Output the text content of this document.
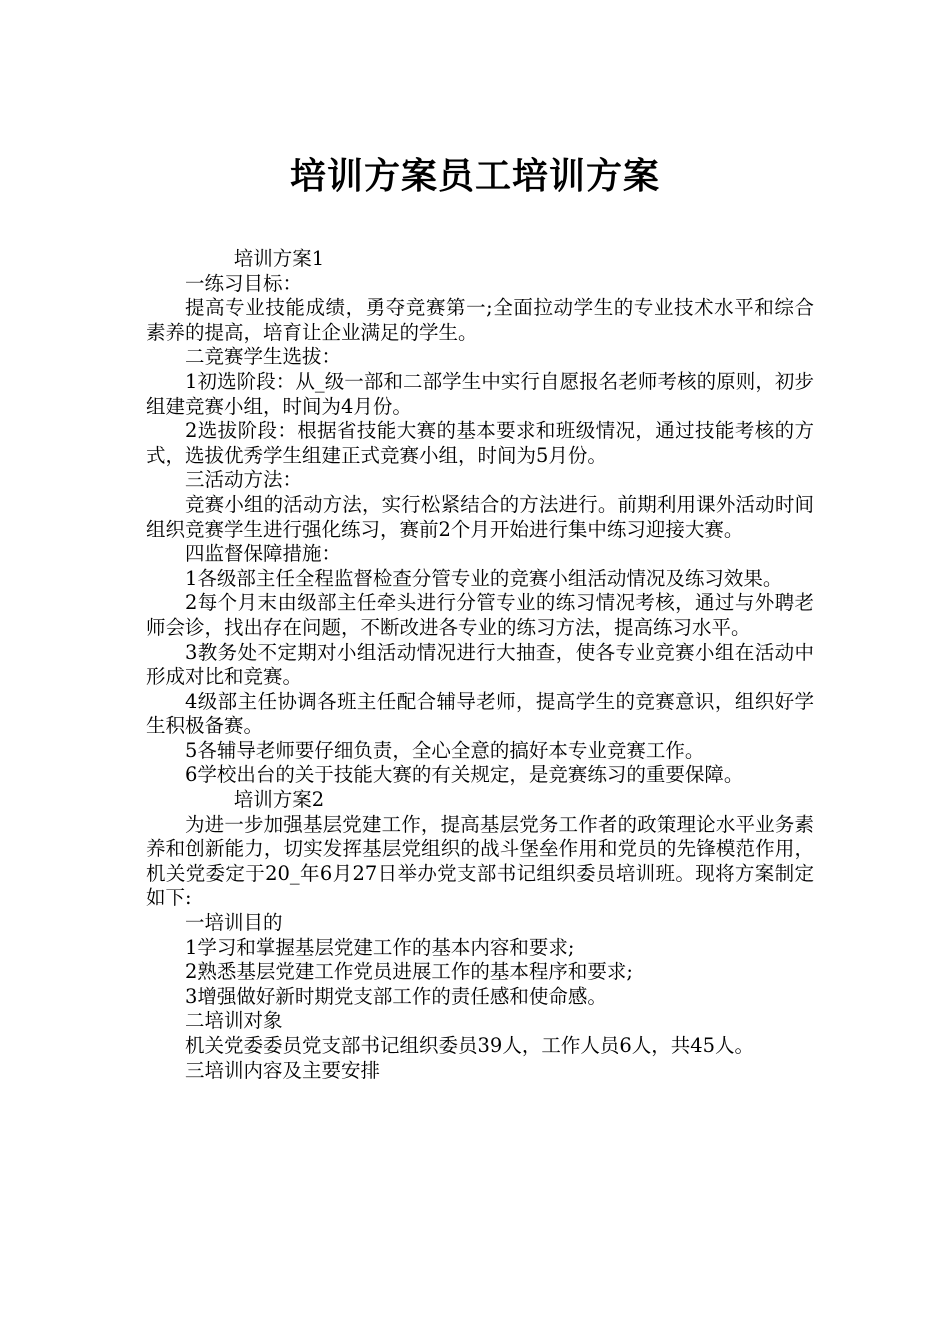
培训方案员工培训方案

培训方案1

一练习目标：

提高专业技能成绩，勇夺竞赛第一;全面拉动学生的专业技术水平和综合素养的提高，培育让企业满足的学生。

二竞赛学生选拔：

1初选阶段：从_级一部和二部学生中实行自愿报名老师考核的原则，初步组建竞赛小组，时间为4月份。

2选拔阶段：根据省技能大赛的基本要求和班级情况，通过技能考核的方式，选拔优秀学生组建正式竞赛小组，时间为5月份。

三活动方法：

竞赛小组的活动方法，实行松紧结合的方法进行。前期利用课外活动时间组织竞赛学生进行强化练习，赛前2个月开始进行集中练习迎接大赛。

四监督保障措施：

1各级部主任全程监督检查分管专业的竞赛小组活动情况及练习效果。

2每个月末由级部主任牵头进行分管专业的练习情况考核，通过与外聘老师会诊，找出存在问题，不断改进各专业的练习方法，提高练习水平。

3教务处不定期对小组活动情况进行大抽查，使各专业竞赛小组在活动中形成对比和竞赛。

4级部主任协调各班主任配合辅导老师，提高学生的竞赛意识，组织好学生积极备赛。

5各辅导老师要仔细负责，全心全意的搞好本专业竞赛工作。

6学校出台的关于技能大赛的有关规定，是竞赛练习的重要保障。

培训方案2

为进一步加强基层党建工作，提高基层党务工作者的政策理论水平业务素养和创新能力，切实发挥基层党组织的战斗堡垒作用和党员的先锋模范作用，机关党委定于20_年6月27日举办党支部书记组织委员培训班。现将方案制定如下:

一培训目的

1学习和掌握基层党建工作的基本内容和要求;

2熟悉基层党建工作党员进展工作的基本程序和要求;

3增强做好新时期党支部工作的责任感和使命感。

二培训对象

机关党委委员党支部书记组织委员39人，工作人员6人，共45人。

三培训内容及主要安排
